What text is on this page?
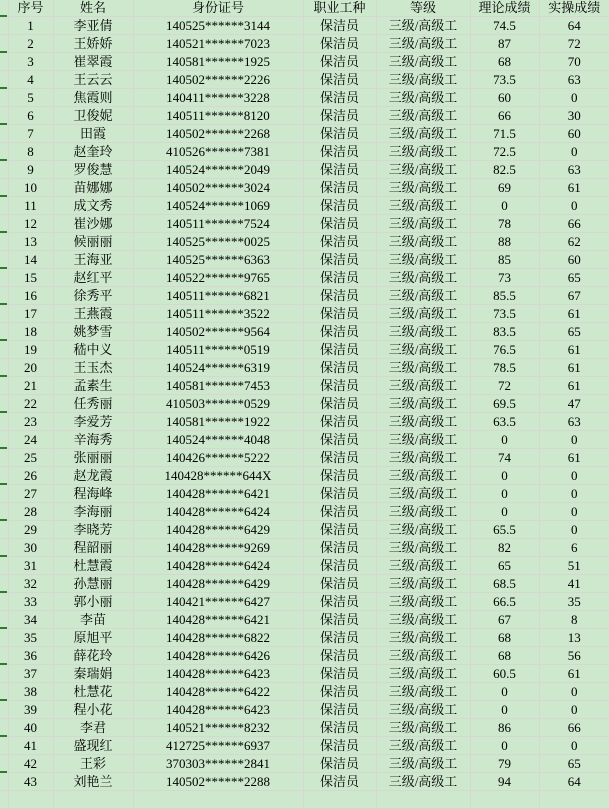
	序号	姓名	身份证号	职业工种	等级	理论成绩	实操成绩
	1	李亚倩	140525******3144	保洁员	三级/高级工	74.5	64
	2	王娇娇	140521******7023	保洁员	三级/高级工	87	72
	3	崔翠霞	140581******1925	保洁员	三级/高级工	68	70
	4	王云云	140502******2226	保洁员	三级/高级工	73.5	63
	5	焦霞则	140411******3228	保洁员	三级/高级工	60	0
	6	卫俊妮	140511******8120	保洁员	三级/高级工	66	30
	7	田霞	140502******2268	保洁员	三级/高级工	71.5	60
	8	赵奎玲	410526******7381	保洁员	三级/高级工	72.5	0
	9	罗俊慧	140524******2049	保洁员	三级/高级工	82.5	63
	10	苗娜娜	140502******3024	保洁员	三级/高级工	69	61
	11	成文秀	140524******1069	保洁员	三级/高级工	0	0
	12	崔沙娜	140511******7524	保洁员	三级/高级工	78	66
	13	候丽丽	140525******0025	保洁员	三级/高级工	88	62
	14	王海亚	140525******6363	保洁员	三级/高级工	85	60
	15	赵红平	140522******9765	保洁员	三级/高级工	73	65
	16	徐秀平	140511******6821	保洁员	三级/高级工	85.5	67
	17	王燕霞	140511******3522	保洁员	三级/高级工	73.5	61
	18	姚梦雪	140502******9564	保洁员	三级/高级工	83.5	65
	19	嵇中义	140511******0519	保洁员	三级/高级工	76.5	61
	20	王玉杰	140524******6319	保洁员	三级/高级工	78.5	61
	21	孟素生	140581******7453	保洁员	三级/高级工	72	61
	22	任秀丽	410503******0529	保洁员	三级/高级工	69.5	47
	23	李爱芳	140581******1922	保洁员	三级/高级工	63.5	63
	24	辛海秀	140524******4048	保洁员	三级/高级工	0	0
	25	张丽丽	140426******5222	保洁员	三级/高级工	74	61
	26	赵龙霞	140428******644X	保洁员	三级/高级工	0	0
	27	程海峰	140428******6421	保洁员	三级/高级工	0	0
	28	李海丽	140428******6424	保洁员	三级/高级工	0	0
	29	李晓芳	140428******6429	保洁员	三级/高级工	65.5	0
	30	程韶丽	140428******9269	保洁员	三级/高级工	82	6
	31	杜慧霞	140428******6424	保洁员	三级/高级工	65	51
	32	孙慧丽	140428******6429	保洁员	三级/高级工	68.5	41
	33	郭小丽	140421******6427	保洁员	三级/高级工	66.5	35
	34	李苗	140428******6421	保洁员	三级/高级工	67	8
	35	原旭平	140428******6822	保洁员	三级/高级工	68	13
	36	薛花玲	140428******6426	保洁员	三级/高级工	68	56
	37	秦瑞娟	140428******6423	保洁员	三级/高级工	60.5	61
	38	杜慧花	140428******6422	保洁员	三级/高级工	0	0
	39	程小花	140428******6423	保洁员	三级/高级工	0	0
	40	李君	140521******8232	保洁员	三级/高级工	86	66
	41	盛现红	412725******6937	保洁员	三级/高级工	0	0
	42	王彩	370303******2841	保洁员	三级/高级工	79	65
	43	刘艳兰	140502******2288	保洁员	三级/高级工	94	64
